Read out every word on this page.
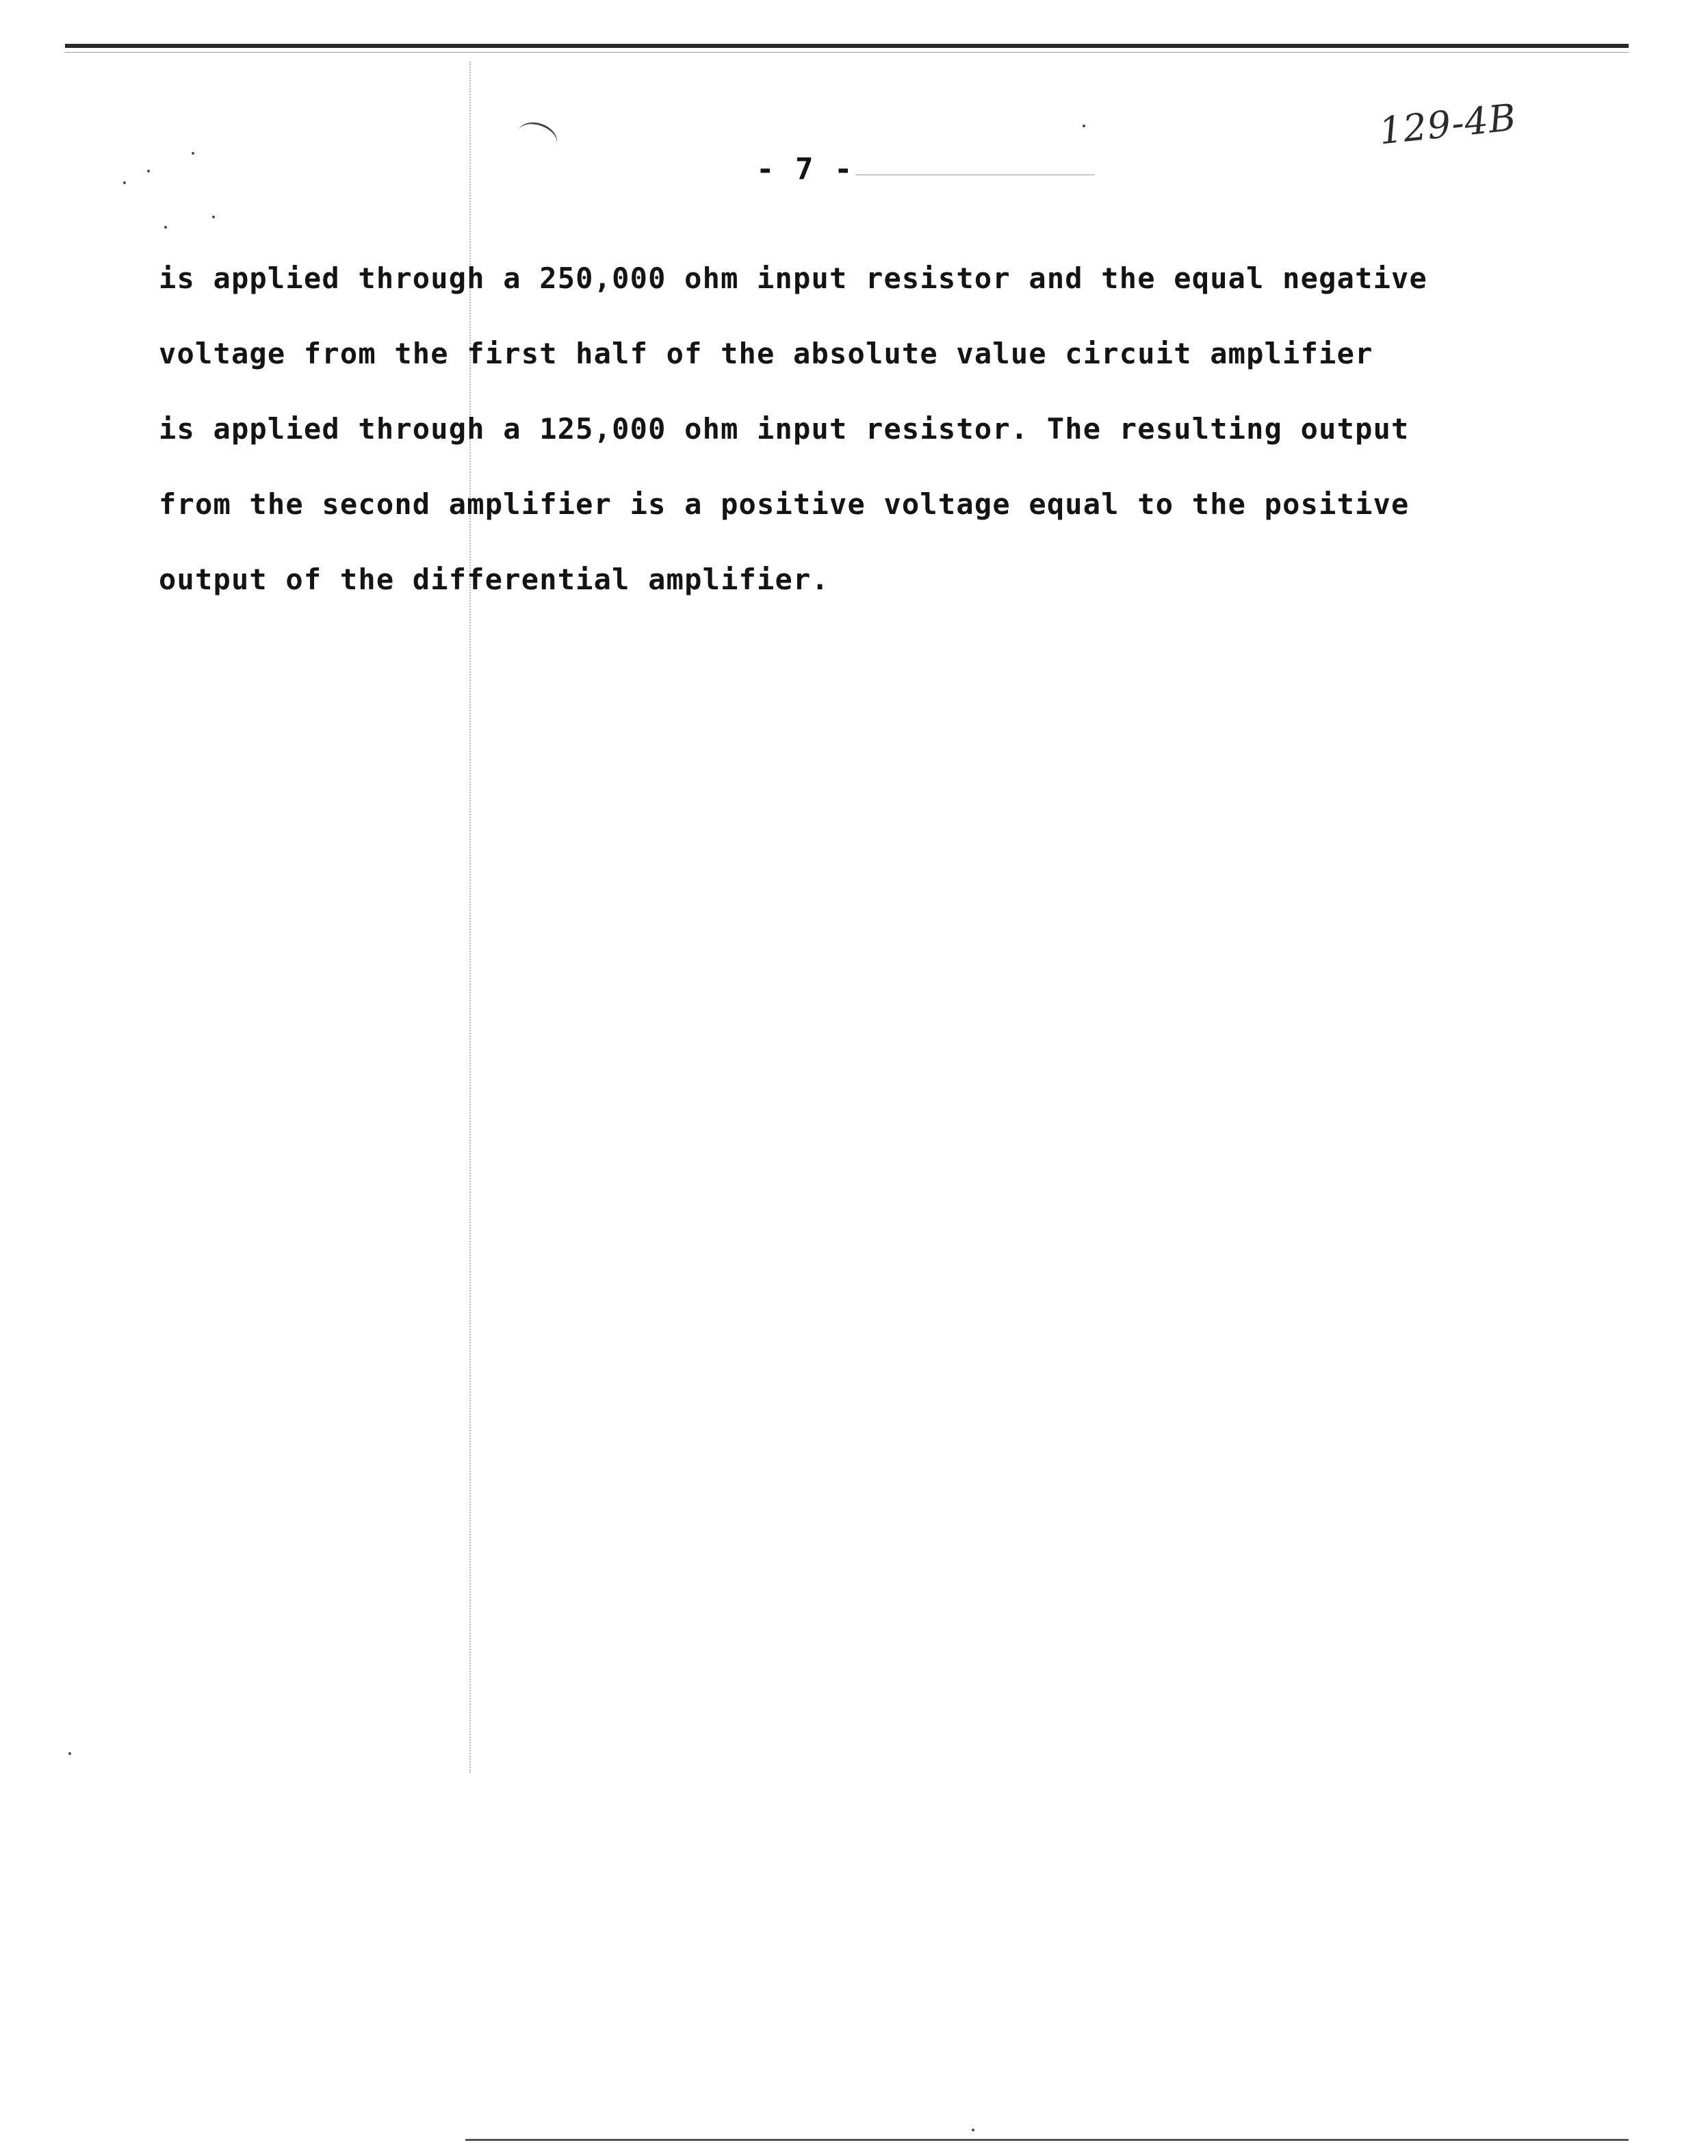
- 7 -
129-4B
is applied through a 250,000 ohm input resistor and the equal negative
voltage from the first half of the absolute value circuit amplifier
is applied through a 125,000 ohm input resistor. The resulting output
from the second amplifier is a positive voltage equal to the positive
output of the differential amplifier.
